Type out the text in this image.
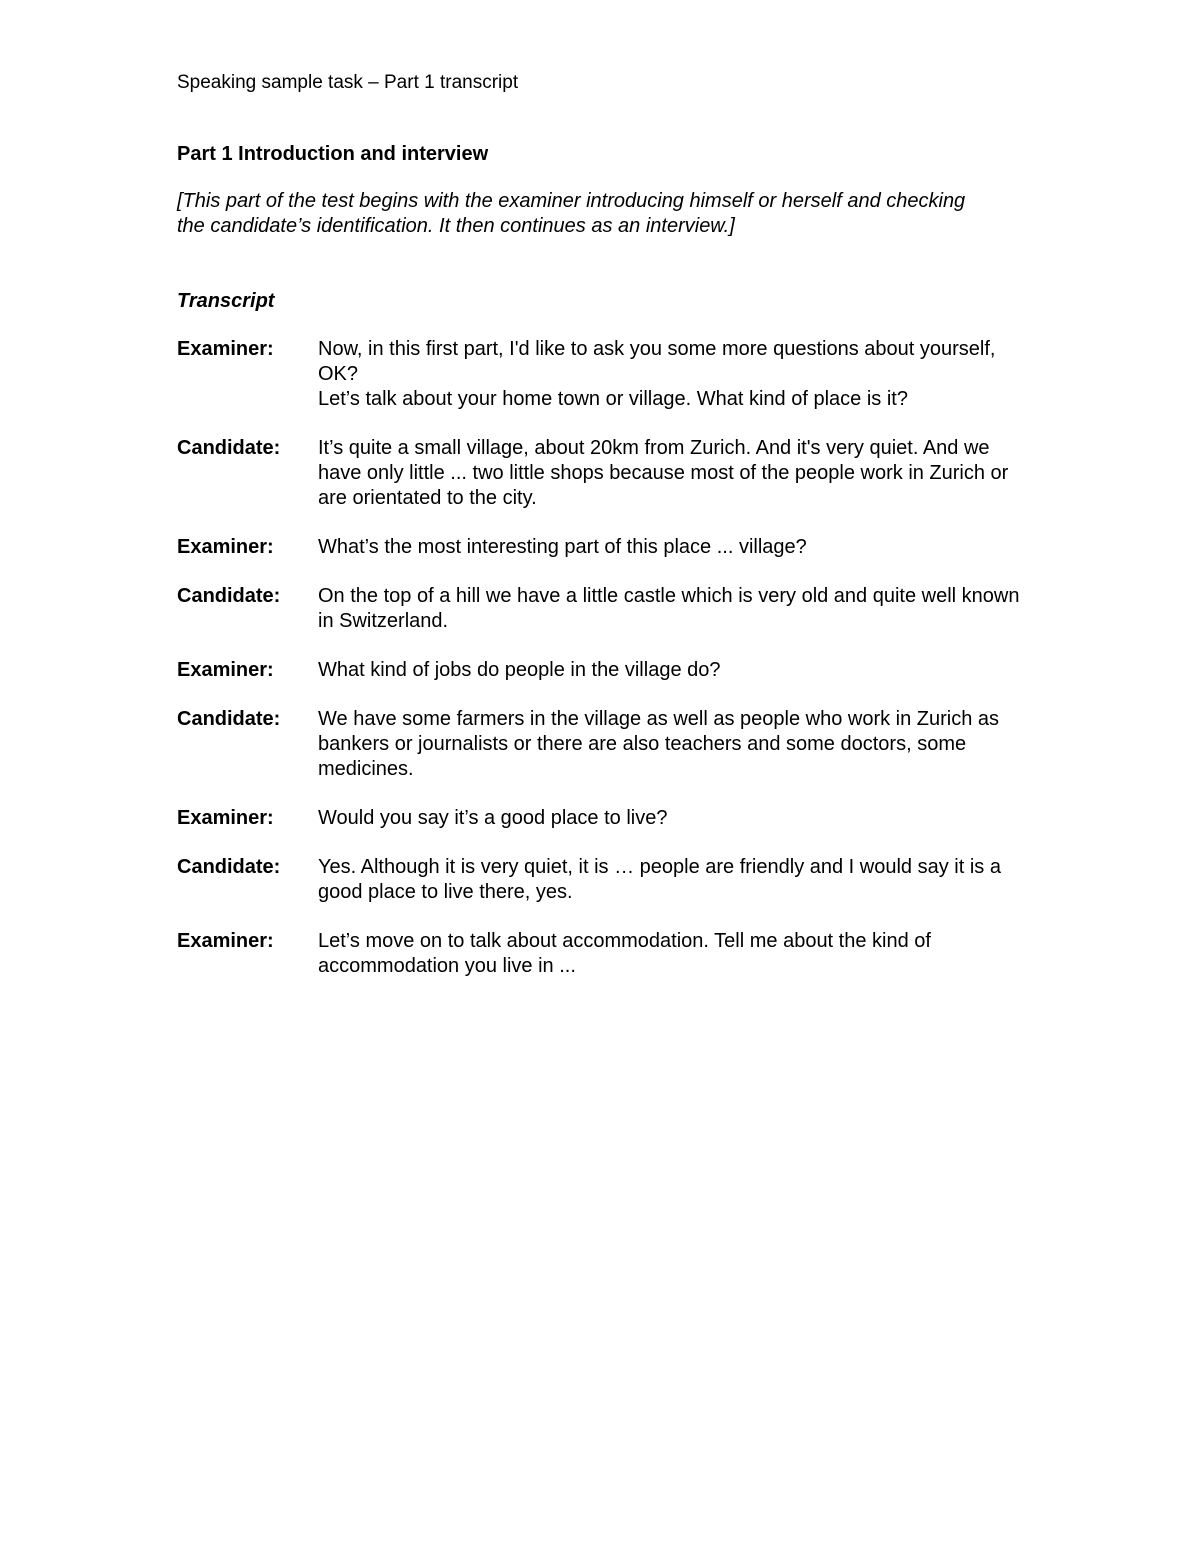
Speaking sample task – Part 1 transcript

Part 1 Introduction and interview

[This part of the test begins with the examiner introducing himself or herself and checking the candidate’s identification. It then continues as an interview.]

Transcript
Examiner:	Now, in this first part, I'd like to ask you some more questions about yourself, OK?
Let’s talk about your home town or village. What kind of place is it?
Candidate:	It’s quite a small village, about 20km from Zurich. And it's very quiet. And we have only little ... two little shops because most of the people work in Zurich or are orientated to the city.
Examiner:	What’s the most interesting part of this place ... village?
Candidate:	On the top of a hill we have a little castle which is very old and quite well known in Switzerland.
Examiner:	What kind of jobs do people in the village do?
Candidate:	We have some farmers in the village as well as people who work in Zurich as bankers or journalists or there are also teachers and some doctors, some medicines.
Examiner:	Would you say it’s a good place to live?
Candidate:	Yes. Although it is very quiet, it is … people are friendly and I would say it is a good place to live there, yes.
Examiner:	Let’s move on to talk about accommodation. Tell me about the kind of accommodation you live in ...
